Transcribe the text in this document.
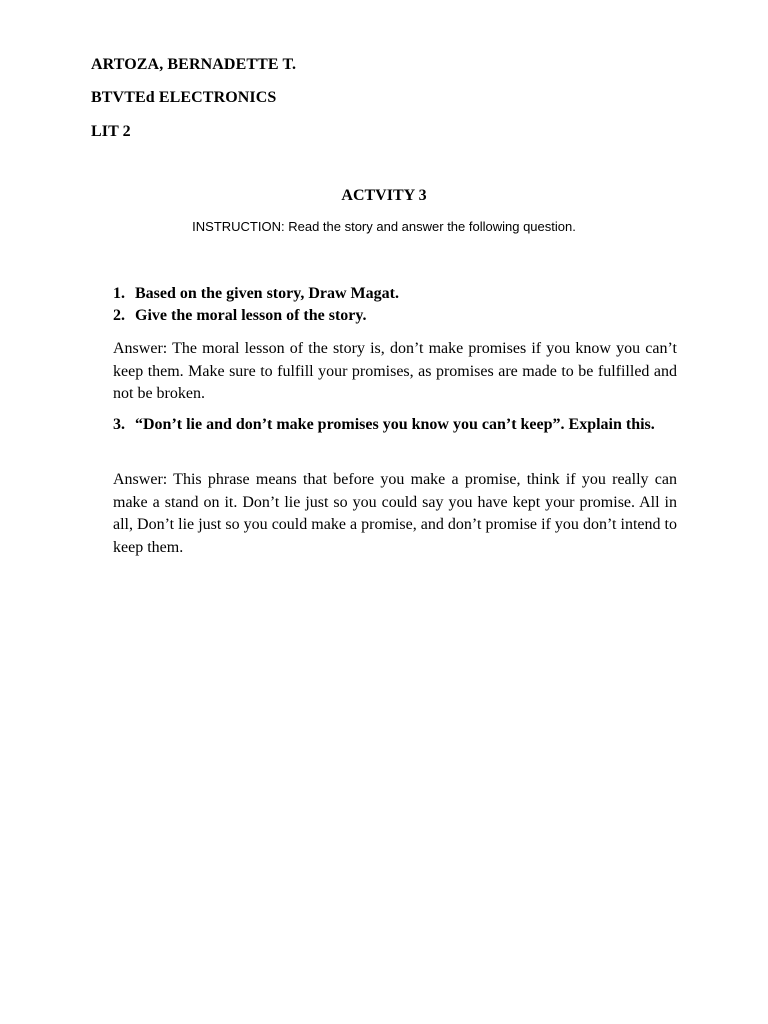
ARTOZA, BERNADETTE T.
BTVTEd ELECTRONICS
LIT 2
ACTVITY 3
INSTRUCTION: Read the story and answer the following question.
1. Based on the given story, Draw Magat.
2. Give the moral lesson of the story.
Answer: The moral lesson of the story is, don’t make promises if you know you can’t keep them. Make sure to fulfill your promises, as promises are made to be fulfilled and not be broken.
3. “Don’t lie and don’t make promises you know you can’t keep”. Explain this.
Answer: This phrase means that before you make a promise, think if you really can make a stand on it. Don’t lie just so you could say you have kept your promise. All in all, Don’t lie just so you could make a promise, and don’t promise if you don’t intend to keep them.
